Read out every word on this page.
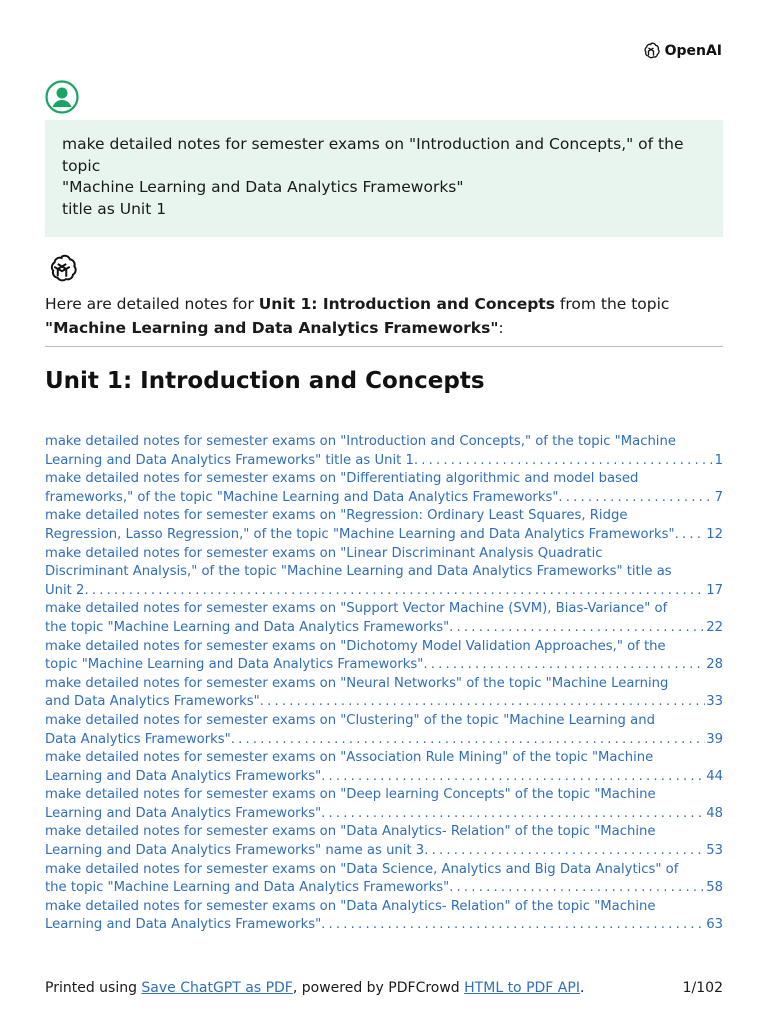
OpenAI

make detailed notes for semester exams on "Introduction and Concepts," of the

topic

"Machine Learning and Data Analytics Frameworks"

title as Unit 1

Here are detailed notes for Unit 1: Introduction and Concepts from the topic
"Machine Learning and Data Analytics Frameworks":
Unit 1: Introduction and Concepts
make detailed notes for semester exams on "Introduction and Concepts," of the topic "Machine
Learning and Data Analytics Frameworks" title as Unit 1 . . .	1
make detailed notes for semester exams on "Differentiating algorithmic and model based
frameworks," of the topic "Machine Learning and Data Analytics Frameworks" . . .	7
make detailed notes for semester exams on "Regression: Ordinary Least Squares, Ridge
Regression, Lasso Regression," of the topic "Machine Learning and Data Analytics Frameworks" . . . 12
make detailed notes for semester exams on "Linear Discriminant Analysis Quadratic
Discriminant Analysis," of the topic "Machine Learning and Data Analytics Frameworks" title as
Unit 2 . . .	17
make detailed notes for semester exams on "Support Vector Machine (SVM), Bias-Variance" of
the topic "Machine Learning and Data Analytics Frameworks" . . .	22
make detailed notes for semester exams on "Dichotomy Model Validation Approaches," of the
topic "Machine Learning and Data Analytics Frameworks" . . .	28
make detailed notes for semester exams on "Neural Networks" of the topic "Machine Learning
and Data Analytics Frameworks" . . .	33
make detailed notes for semester exams on "Clustering" of the topic "Machine Learning and
Data Analytics Frameworks" . . .	39
make detailed notes for semester exams on "Association Rule Mining" of the topic "Machine
Learning and Data Analytics Frameworks" . . .	44
make detailed notes for semester exams on "Deep learning Concepts" of the topic "Machine
Learning and Data Analytics Frameworks" . . .	48
make detailed notes for semester exams on "Data Analytics- Relation" of the topic "Machine
Learning and Data Analytics Frameworks" name as unit 3 . . .	53
make detailed notes for semester exams on "Data Science, Analytics and Big Data Analytics" of
the topic "Machine Learning and Data Analytics Frameworks" . . .	58
make detailed notes for semester exams on "Data Analytics- Relation" of the topic "Machine
Learning and Data Analytics Frameworks" . . .	63
Printed using Save ChatGPT as PDF, powered by PDFCrowd HTML to PDF API.	1/102
